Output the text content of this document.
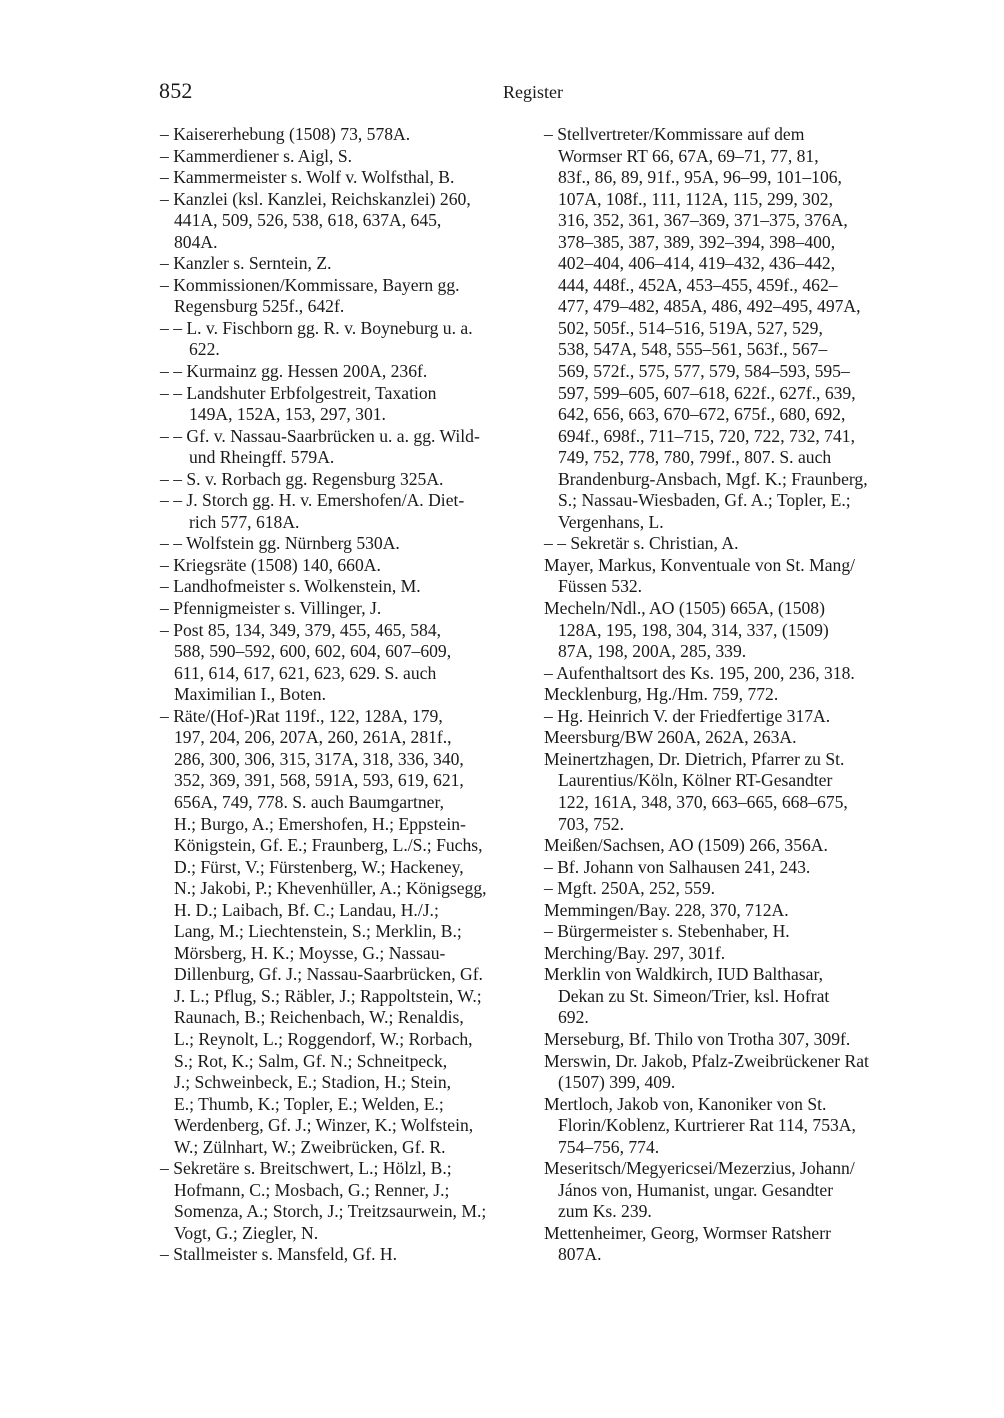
852	Register
– Kaisererhebung (1508) 73, 578A.
– Kammerdiener s. Aigl, S.
– Kammermeister s. Wolf v. Wolfsthal, B.
– Kanzlei (ksl. Kanzlei, Reichskanzlei) 260,
441A, 509, 526, 538, 618, 637A, 645,
804A.
– Kanzler s. Serntein, Z.
– Kommissionen/Kommissare, Bayern gg.
Regensburg 525f., 642f.
– – L. v. Fischborn gg. R. v. Boyneburg u. a.
622.
– – Kurmainz gg. Hessen 200A, 236f.
– – Landshuter Erbfolgestreit, Taxation
149A, 152A, 153, 297, 301.
– – Gf. v. Nassau-Saarbrücken u. a. gg. Wild-
und Rheingff. 579A.
– – S. v. Rorbach gg. Regensburg 325A.
– – J. Storch gg. H. v. Emershofen/A. Diet-
rich 577, 618A.
– – Wolfstein gg. Nürnberg 530A.
– Kriegsräte (1508) 140, 660A.
– Landhofmeister s. Wolkenstein, M.
– Pfennigmeister s. Villinger, J.
– Post 85, 134, 349, 379, 455, 465, 584,
588, 590–592, 600, 602, 604, 607–609,
611, 614, 617, 621, 623, 629. S. auch
Maximilian I., Boten.
– Räte/(Hof-)Rat 119f., 122, 128A, 179,
197, 204, 206, 207A, 260, 261A, 281f.,
286, 300, 306, 315, 317A, 318, 336, 340,
352, 369, 391, 568, 591A, 593, 619, 621,
656A, 749, 778. S. auch Baumgartner,
H.; Burgo, A.; Emershofen, H.; Eppstein-
Königstein, Gf. E.; Fraunberg, L./S.; Fuchs,
D.; Fürst, V.; Fürstenberg, W.; Hackeney,
N.; Jakobi, P.; Khevenhüller, A.; Königsegg,
H. D.; Laibach, Bf. C.; Landau, H./J.;
Lang, M.; Liechtenstein, S.; Merklin, B.;
Mörsberg, H. K.; Moysse, G.; Nassau-
Dillenburg, Gf. J.; Nassau-Saarbrücken, Gf.
J. L.; Pflug, S.; Räbler, J.; Rappoltstein, W.;
Raunach, B.; Reichenbach, W.; Renaldis,
L.; Reynolt, L.; Roggendorf, W.; Rorbach,
S.; Rot, K.; Salm, Gf. N.; Schneitpeck,
J.; Schweinbeck, E.; Stadion, H.; Stein,
E.; Thumb, K.; Topler, E.; Welden, E.;
Werdenberg, Gf. J.; Winzer, K.; Wolfstein,
W.; Zülnhart, W.; Zweibrücken, Gf. R.
– Sekretäre s. Breitschwert, L.; Hölzl, B.;
Hofmann, C.; Mosbach, G.; Renner, J.;
Somenza, A.; Storch, J.; Treitzsaurwein, M.;
Vogt, G.; Ziegler, N.
– Stallmeister s. Mansfeld, Gf. H.
– Stellvertreter/Kommissare auf dem
Wormser RT 66, 67A, 69–71, 77, 81,
83f., 86, 89, 91f., 95A, 96–99, 101–106,
107A, 108f., 111, 112A, 115, 299, 302,
316, 352, 361, 367–369, 371–375, 376A,
378–385, 387, 389, 392–394, 398–400,
402–404, 406–414, 419–432, 436–442,
444, 448f., 452A, 453–455, 459f., 462–
477, 479–482, 485A, 486, 492–495, 497A,
502, 505f., 514–516, 519A, 527, 529,
538, 547A, 548, 555–561, 563f., 567–
569, 572f., 575, 577, 579, 584–593, 595–
597, 599–605, 607–618, 622f., 627f., 639,
642, 656, 663, 670–672, 675f., 680, 692,
694f., 698f., 711–715, 720, 722, 732, 741,
749, 752, 778, 780, 799f., 807. S. auch
Brandenburg-Ansbach, Mgf. K.; Fraunberg,
S.; Nassau-Wiesbaden, Gf. A.; Topler, E.;
Vergenhans, L.
– – Sekretär s. Christian, A.
Mayer, Markus, Konventuale von St. Mang/
Füssen 532.
Mecheln/Ndl., AO (1505) 665A, (1508)
128A, 195, 198, 304, 314, 337, (1509)
87A, 198, 200A, 285, 339.
– Aufenthaltsort des Ks. 195, 200, 236, 318.
Mecklenburg, Hg./Hm. 759, 772.
– Hg. Heinrich V. der Friedfertige 317A.
Meersburg/BW 260A, 262A, 263A.
Meinertzhagen, Dr. Dietrich, Pfarrer zu St.
Laurentius/Köln, Kölner RT-Gesandter
122, 161A, 348, 370, 663–665, 668–675,
703, 752.
Meißen/Sachsen, AO (1509) 266, 356A.
– Bf. Johann von Salhausen 241, 243.
– Mgft. 250A, 252, 559.
Memmingen/Bay. 228, 370, 712A.
– Bürgermeister s. Stebenhaber, H.
Merching/Bay. 297, 301f.
Merklin von Waldkirch, IUD Balthasar,
Dekan zu St. Simeon/Trier, ksl. Hofrat
692.
Merseburg, Bf. Thilo von Trotha 307, 309f.
Merswin, Dr. Jakob, Pfalz-Zweibrückener Rat
(1507) 399, 409.
Mertloch, Jakob von, Kanoniker von St.
Florin/Koblenz, Kurtrierer Rat 114, 753A,
754–756, 774.
Meseritsch/Megyericsei/Mezerzius, Johann/
János von, Humanist, ungar. Gesandter
zum Ks. 239.
Mettenheimer, Georg, Wormser Ratsherr
807A.
